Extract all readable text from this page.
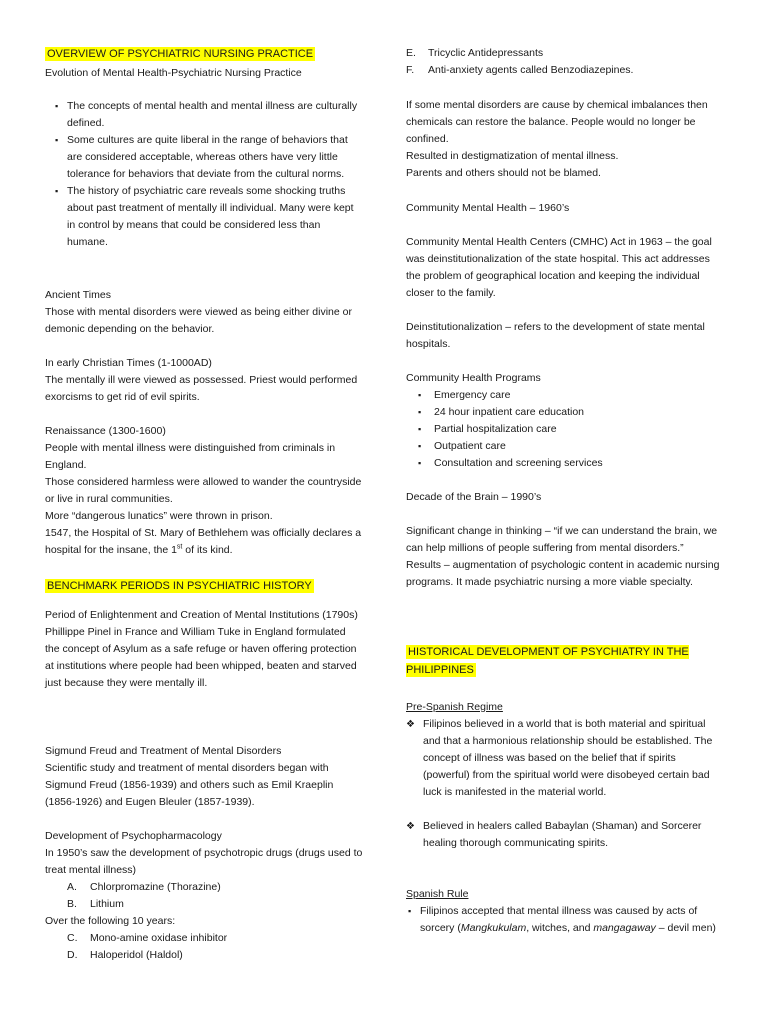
OVERVIEW OF PSYCHIATRIC NURSING PRACTICE

Evolution of Mental Health-Psychiatric Nursing Practice

▪ The concepts of mental health and mental illness are culturally defined.
▪ Some cultures are quite liberal in the range of behaviors that are considered acceptable, whereas others have very little tolerance for behaviors that deviate from the cultural norms.
▪ The history of psychiatric care reveals some shocking truths about past treatment of mentally ill individual. Many were kept in control by means that could be considered less than humane.

Ancient Times

Those with mental disorders were viewed as being either divine or demonic depending on the behavior.

In early Christian Times (1-1000AD)

The mentally ill were viewed as possessed. Priest would performed exorcisms to get rid of evil spirits.

Renaissance (1300-1600)

People with mental illness were distinguished from criminals in England.

Those considered harmless were allowed to wander the countryside or live in rural communities.

More “dangerous lunatics” were thrown in prison.

1547, the Hospital of St. Mary of Bethlehem was officially declares a hospital for the insane, the 1st of its kind.

BENCHMARK PERIODS IN PSYCHIATRIC HISTORY

Period of Enlightenment and Creation of Mental Institutions (1790s)

Phillippe Pinel in France and William Tuke in England formulated the concept of Asylum as a safe refuge or haven offering protection at institutions where people had been whipped, beaten and starved just because they were mentally ill.

Sigmund Freud and Treatment of Mental Disorders

Scientific study and treatment of mental disorders began with Sigmund Freud (1856-1939) and others such as Emil Kraeplin (1856-1926) and Eugen Bleuler (1857-1939).

Development of Psychopharmacology

In 1950’s saw the development of psychotropic drugs (drugs used to treat mental illness)

A. Chlorpromazine (Thorazine)
B. Lithium

Over the following 10 years:

C. Mono-amine oxidase inhibitor
D. Haloperidol (Haldol)
E. Tricyclic Antidepressants
F. Anti-anxiety agents called Benzodiazepines.

If some mental disorders are cause by chemical imbalances then chemicals can restore the balance. People would no longer be confined.

Resulted in destigmatization of mental illness.

Parents and others should not be blamed.

Community Mental Health – 1960’s

Community Mental Health Centers (CMHC) Act in 1963 – the goal was deinstitutionalization of the state hospital. This act addresses the problem of geographical location and keeping the individual closer to the family.

Deinstitutionalization – refers to the development of state mental hospitals.

Community Health Programs

▪ Emergency care
▪ 24 hour inpatient care education
▪ Partial hospitalization care
▪ Outpatient care
▪ Consultation and screening services

Decade of the Brain – 1990’s

Significant change in thinking – “if we can understand the brain, we can help millions of people suffering from mental disorders.”

Results – augmentation of psychologic content in academic nursing programs. It made psychiatric nursing a more viable specialty.

HISTORICAL DEVELOPMENT OF PSYCHIATRY IN THE PHILIPPINES

Pre-Spanish Regime

❖ Filipinos believed in a world that is both material and spiritual and that a harmonious relationship should be established. The concept of illness was based on the belief that if spirits (powerful) from the spiritual world were disobeyed certain bad luck is manifested in the material world.
❖ Believed in healers called Babaylan (Shaman) and Sorcerer healing thorough communicating spirits.

Spanish Rule

▪ Filipinos accepted that mental illness was caused by acts of sorcery (Mangkukulam, witches, and mangagaway – devil men)
